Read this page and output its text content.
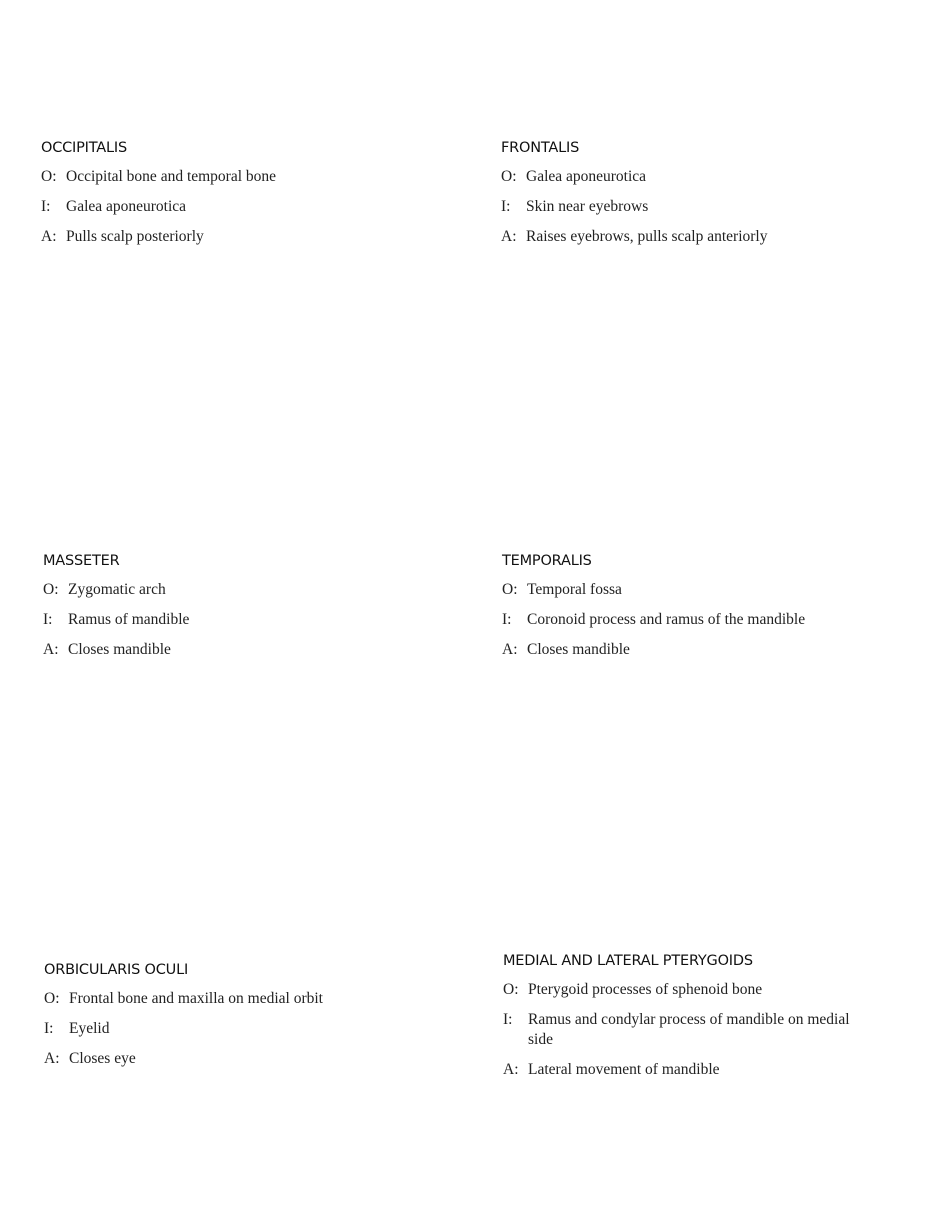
OCCIPITALIS
O: Occipital bone and temporal bone
I:	Galea aponeurotica
A: Pulls scalp posteriorly
FRONTALIS
O: Galea aponeurotica
I:	Skin near eyebrows
A: Raises eyebrows, pulls scalp anteriorly
MASSETER
O: Zygomatic arch
I:	Ramus of mandible
A: Closes mandible
TEMPORALIS
O: Temporal fossa
I:	Coronoid process and ramus of the mandible
A: Closes mandible
ORBICULARIS OCULI
O: Frontal bone and maxilla on medial orbit
I:	Eyelid
A: Closes eye
MEDIAL AND LATERAL PTERYGOIDS
O: Pterygoid processes of sphenoid bone
I:	Ramus and condylar process of mandible on medial side
A: Lateral movement of mandible
